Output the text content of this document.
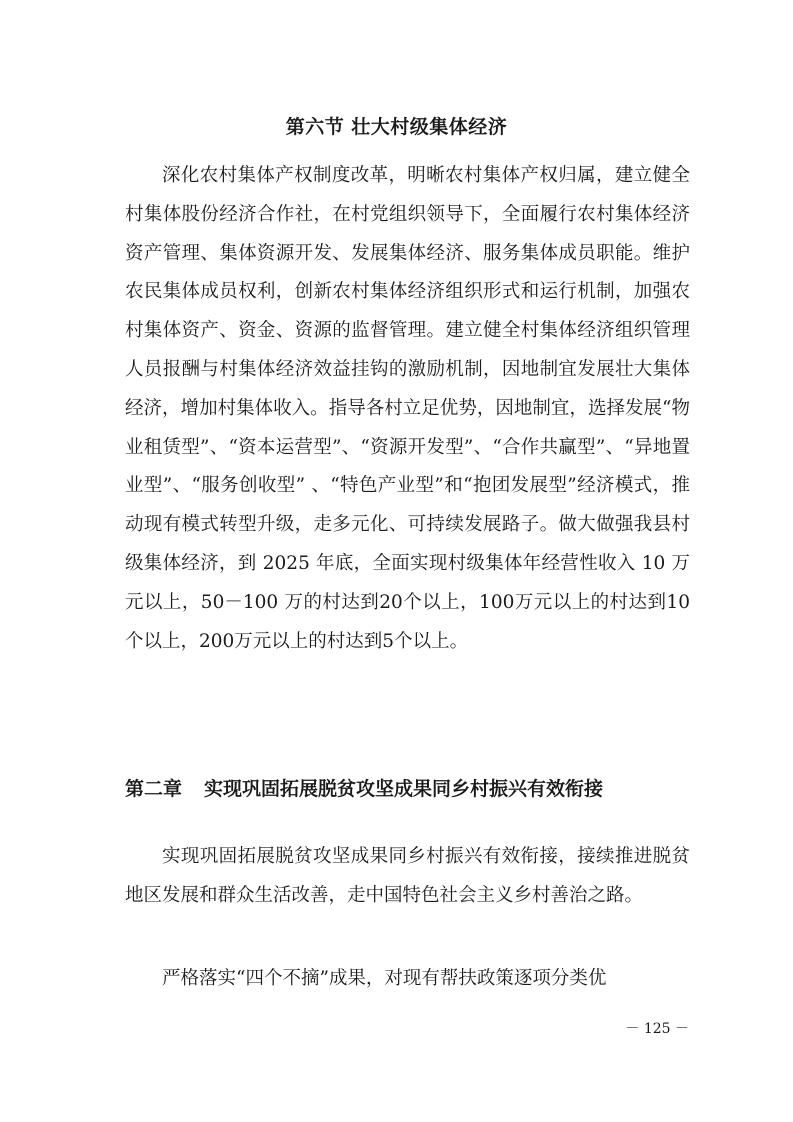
第六节 壮大村级集体经济

深化农村集体产权制度改革，明晰农村集体产权归属，建立健全村集体股份经济合作社，在村党组织领导下，全面履行农村集体经济资产管理、集体资源开发、发展集体经济、服务集体成员职能。维护农民集体成员权利，创新农村集体经济组织形式和运行机制，加强农村集体资产、资金、资源的监督管理。建立健全村集体经济组织管理人员报酬与村集体经济效益挂钩的激励机制，因地制宜发展壮大集体经济，增加村集体收入。指导各村立足优势，因地制宜，选择发展“物业租赁型”、“资本运营型”、“资源开发型”、“合作共赢型”、“异地置业型”、“服务创收型” 、“特色产业型”和“抱团发展型”经济模式，推动现有模式转型升级，走多元化、可持续发展路子。做大做强我县村级集体经济，到 2025 年底，全面实现村级集体年经营性收入 10 万元以上，50－100 万的村达到20个以上，100万元以上的村达到10个以上，200万元以上的村达到5个以上。

第二章 实现巩固拓展脱贫攻坚成果同乡村振兴有效衔接

实现巩固拓展脱贫攻坚成果同乡村振兴有效衔接，接续推进脱贫地区发展和群众生活改善，走中国特色社会主义乡村善治之路。

严格落实“四个不摘”成果，对现有帮扶政策逐项分类优

－ 125 －
